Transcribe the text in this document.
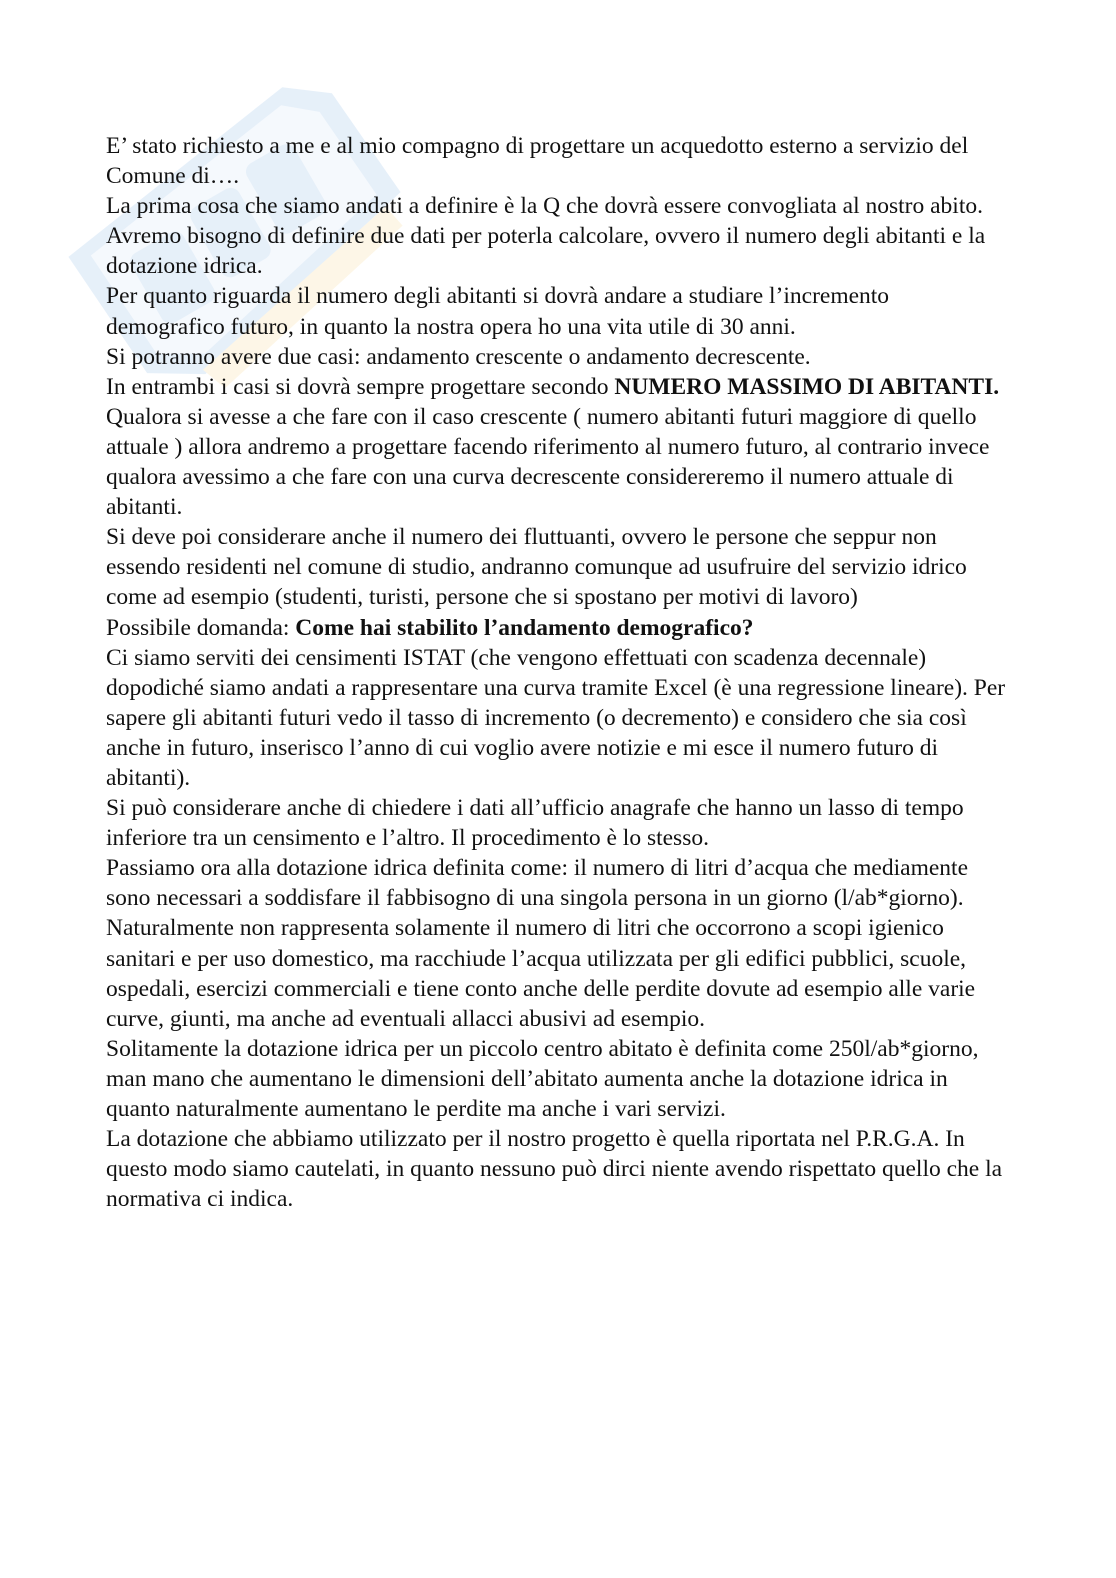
E’ stato richiesto a me e al mio compagno di progettare un acquedotto esterno a servizio del Comune di….

La prima cosa che siamo andati a definire è la Q che dovrà essere convogliata al nostro abito.

Avremo bisogno di definire due dati per poterla calcolare, ovvero il numero degli abitanti e la dotazione idrica.

Per quanto riguarda il numero degli abitanti si dovrà andare a studiare l’incremento demografico futuro, in quanto la nostra opera ho una vita utile di 30 anni.

Si potranno avere due casi: andamento crescente o andamento decrescente.

In entrambi i casi si dovrà sempre progettare secondo NUMERO MASSIMO DI ABITANTI.

Qualora si avesse a che fare con il caso crescente ( numero abitanti futuri maggiore di quello attuale ) allora andremo a progettare facendo riferimento al numero futuro, al contrario invece qualora avessimo a che fare con una curva decrescente considereremo il numero attuale di abitanti.

Si deve poi considerare anche il numero dei fluttuanti, ovvero le persone che seppur non essendo residenti nel comune di studio, andranno comunque ad usufruire del servizio idrico come ad esempio (studenti, turisti, persone che si spostano per motivi di lavoro)

Possibile domanda: Come hai stabilito l’andamento demografico?

Ci siamo serviti dei censimenti ISTAT (che vengono effettuati con scadenza decennale) dopodiché siamo andati a rappresentare una curva tramite Excel (è una regressione lineare). Per sapere gli abitanti futuri vedo il tasso di incremento (o decremento) e considero che sia così anche in futuro, inserisco l’anno di cui voglio avere notizie e mi esce il numero futuro di abitanti).

Si può considerare anche di chiedere i dati all’ufficio anagrafe che hanno un lasso di tempo inferiore tra un censimento e l’altro. Il procedimento è lo stesso.

Passiamo ora alla dotazione idrica definita come: il numero di litri d’acqua che mediamente sono necessari a soddisfare il fabbisogno di una singola persona in un giorno (l/ab*giorno).

Naturalmente non rappresenta solamente il numero di litri che occorrono a scopi igienico sanitari e per uso domestico, ma racchiude l’acqua utilizzata per gli edifici pubblici, scuole, ospedali, esercizi commerciali e tiene conto anche delle perdite dovute ad esempio alle varie curve, giunti, ma anche ad eventuali allacci abusivi ad esempio.

Solitamente la dotazione idrica per un piccolo centro abitato è definita come 250l/ab*giorno, man mano che aumentano le dimensioni dell’abitato aumenta anche la dotazione idrica in quanto naturalmente aumentano le perdite ma anche i vari servizi.

La dotazione che abbiamo utilizzato per il nostro progetto è quella riportata nel P.R.G.A. In questo modo siamo cautelati, in quanto nessuno può dirci niente avendo rispettato quello che la normativa ci indica.
